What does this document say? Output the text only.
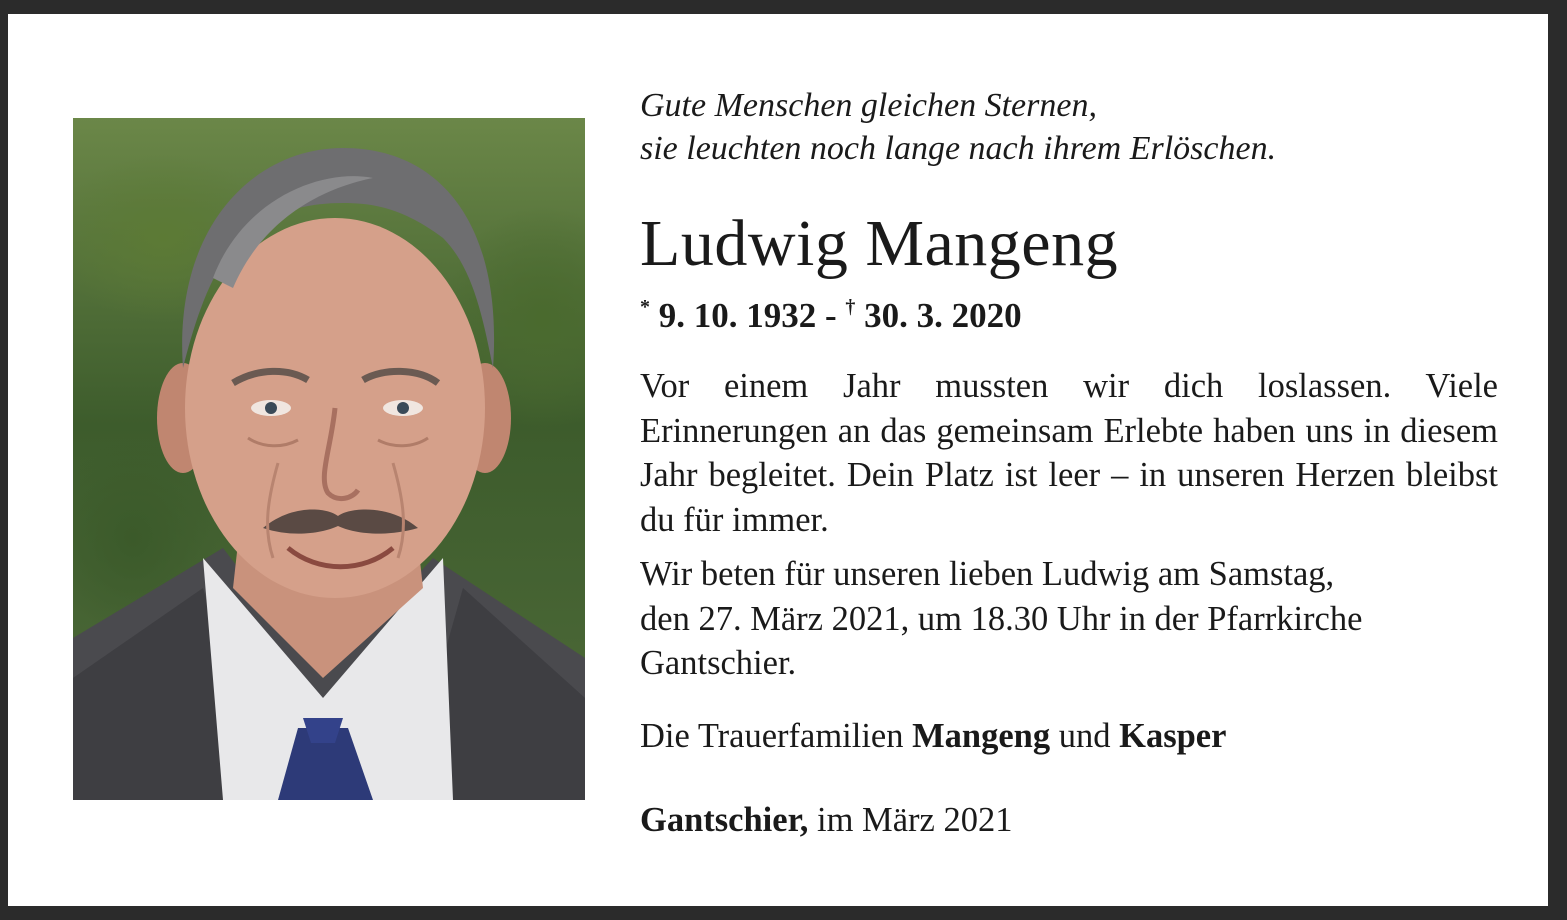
Gute Menschen gleichen Sternen,
sie leuchten noch lange nach ihrem Erlöschen.
Ludwig Mangeng
* 9. 10. 1932 - † 30. 3. 2020
Vor einem Jahr mussten wir dich loslassen. Viele Erinnerungen an das gemeinsam Erlebte haben uns in diesem Jahr begleitet. Dein Platz ist leer – in unseren Herzen bleibst du für immer.
Wir beten für unseren lieben Ludwig am Samstag,
den 27. März 2021, um 18.30 Uhr in der Pfarrkirche
Gantschier.
Die Trauerfamilien Mangeng und Kasper
Gantschier, im März 2021
